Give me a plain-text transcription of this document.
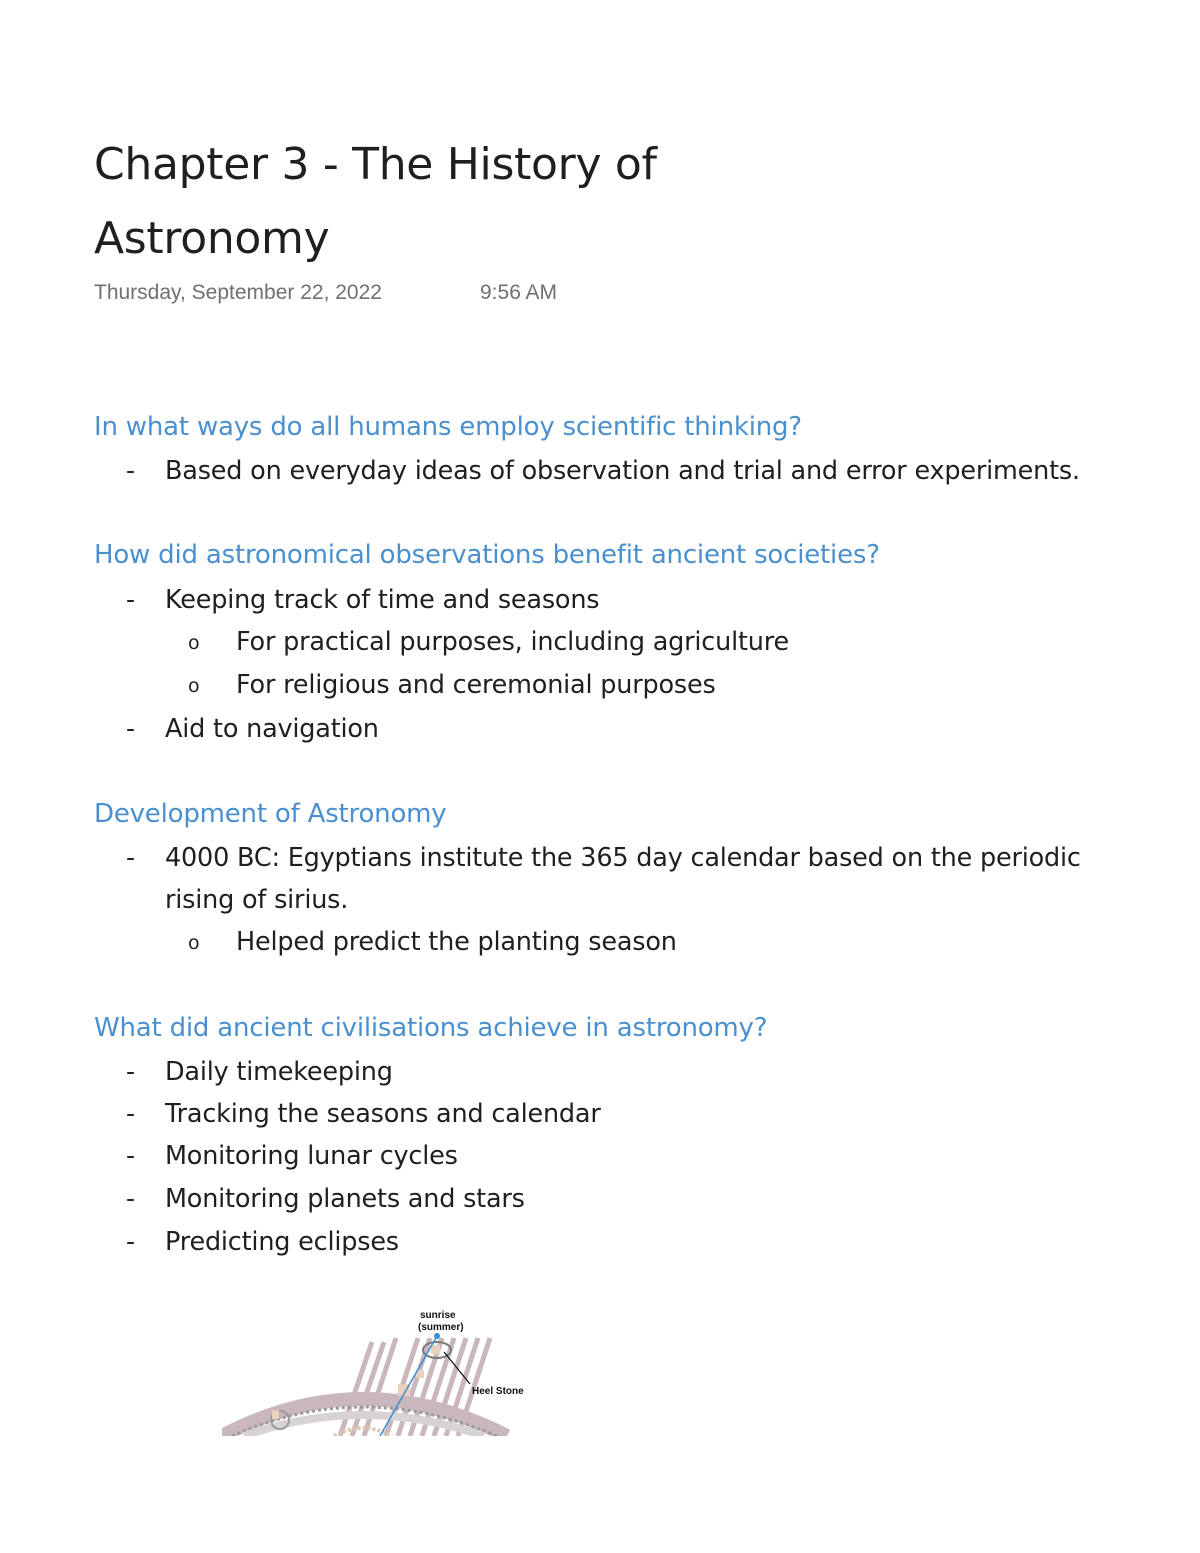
Chapter 3 - The History of Astronomy
Thursday, September 22, 2022	9:56 AM
In what ways do all humans employ scientific thinking?
- Based on everyday ideas of observation and trial and error experiments.
How did astronomical observations benefit ancient societies?
- Keeping track of time and seasons
o For practical purposes, including agriculture
o For religious and ceremonial purposes
- Aid to navigation
Development of Astronomy
- 4000 BC: Egyptians institute the 365 day calendar based on the periodic
rising of sirius.
o Helped predict the planting season
What did ancient civilisations achieve in astronomy?
- Daily timekeeping
- Tracking the seasons and calendar
- Monitoring lunar cycles
- Monitoring planets and stars
- Predicting eclipses
sunrise
(summer)
Heel Stone
